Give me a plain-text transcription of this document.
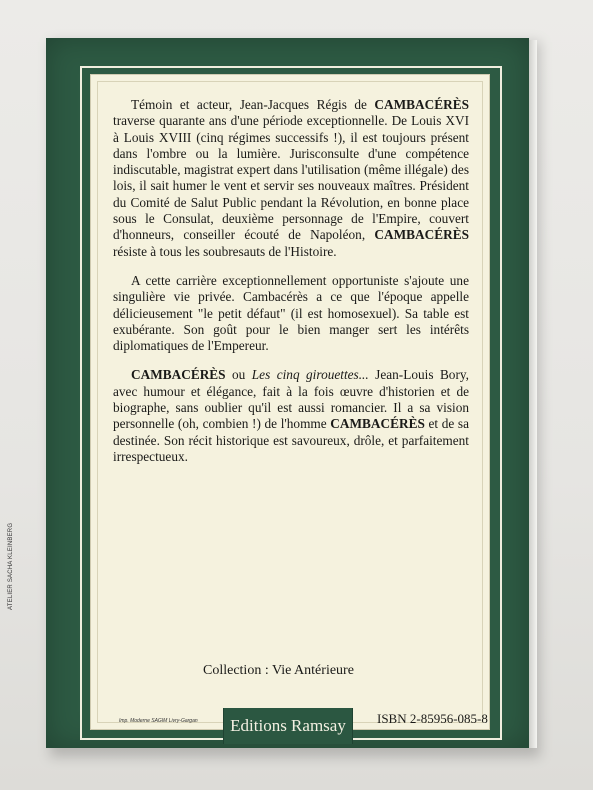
Témoin et acteur, Jean-Jacques Régis de CAMBACÉRÈS traverse quarante ans d'une période exceptionnelle. De Louis XVI à Louis XVIII (cinq régimes successifs !), il est toujours présent dans l'ombre ou la lumière. Jurisconsulte d'une compétence indiscutable, magistrat expert dans l'utilisation (même illégale) des lois, il sait humer le vent et servir ses nouveaux maîtres. Président du Comité de Salut Public pendant la Révolution, en bonne place sous le Consulat, deuxième personnage de l'Empire, couvert d'honneurs, conseiller écouté de Napoléon, CAMBACÉRÈS résiste à tous les soubresauts de l'Histoire.

A cette carrière exceptionnellement opportuniste s'ajoute une singulière vie privée. Cambacérès a ce que l'époque appelle délicieusement "le petit défaut" (il est homosexuel). Sa table est exubérante. Son goût pour le bien manger sert les intérêts diplomatiques de l'Empereur.

CAMBACÉRÈS ou Les cinq girouettes... Jean-Louis Bory, avec humour et élégance, fait à la fois œuvre d'historien et de biographe, sans oublier qu'il est aussi romancier. Il a sa vision personnelle (oh, combien !) de l'homme CAMBACÉRÈS et de sa destinée. Son récit historique est savoureux, drôle, et parfaitement irrespectueux.

Collection : Vie Antérieure
Imp. Moderne SAGIM Livry-Gargan	Editions Ramsay	ISBN 2-85956-085-8
ATELIER SACHA KLEINBERG
